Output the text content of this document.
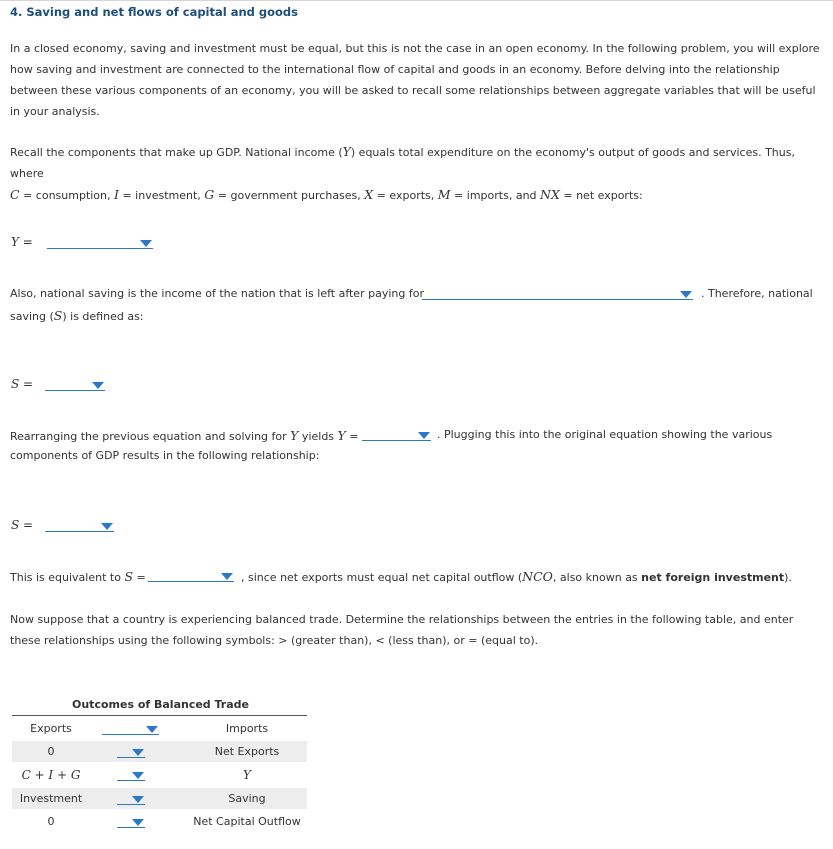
4. Saving and net flows of capital and goods
In a closed economy, saving and investment must be equal, but this is not the case in an open economy. In the following problem, you will explore how saving and investment are connected to the international flow of capital and goods in an economy. Before delving into the relationship between these various components of an economy, you will be asked to recall some relationships between aggregate variables that will be useful in your analysis.
Recall the components that make up GDP. National income (Y) equals total expenditure on the economy's output of goods and services. Thus, where
C = consumption, I = investment, G = government purchases, X = exports, M = imports, and NX = net exports:
Y =
Also, national saving is the income of the nation that is left after paying for	. Therefore, national
saving (S) is defined as:
S =
Rearranging the previous equation and solving for Y yields Y =	. Plugging this into the original equation showing the various
components of GDP results in the following relationship:
S =
This is equivalent to S =	, since net exports must equal net capital outflow (NCO, also known as net foreign investment).
Now suppose that a country is experiencing balanced trade. Determine the relationships between the entries in the following table, and enter these relationships using the following symbols: > (greater than), < (less than), or = (equal to).
Outcomes of Balanced Trade
Exports	Imports
0	Net Exports
C + I + G	Y
Investment	Saving
0	Net Capital Outflow
